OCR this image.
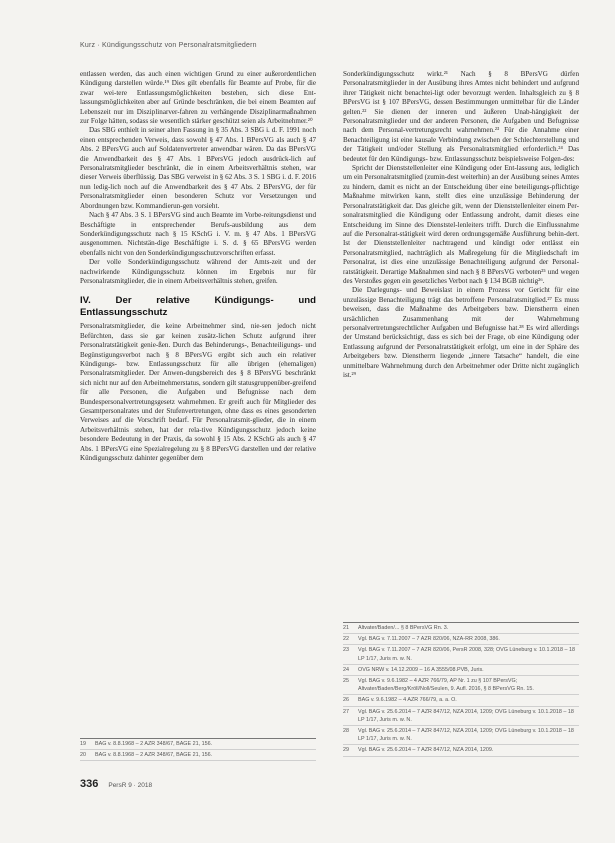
Kurz · Kündigungsschutz von Personalratsmitgliedern

entlassen werden, das auch einen wichtigen Grund zu einer außerordentlichen Kündigung darstellen würde.¹⁹ Dies gilt ebenfalls für Beamte auf Probe, für die zwar wei-tere Entlassungsmöglichkeiten bestehen, sich diese Ent-lassungsmöglichkeiten aber auf Gründe beschränken, die bei einem Beamten auf Lebenszeit nur im Disziplinarver-fahren zu verhängende Disziplinarmaßnahmen zur Folge hätten, sodass sie wesentlich stärker geschützt seien als Arbeitnehmer.²⁰

Das SBG enthielt in seiner alten Fassung in § 35 Abs. 3 SBG i. d. F. 1991 noch einen entsprechenden Verweis, dass sowohl § 47 Abs. 1 BPersVG als auch § 47 Abs. 2 BPersVG auch auf Soldatenvertreter anwendbar wären. Da das BPersVG die Anwendbarkeit des § 47 Abs. 1 BPersVG jedoch ausdrück-lich auf Personalratsmitglieder beschränkt, die in einem Arbeitsverhältnis stehen, war dieser Verweis überflüssig. Das SBG verweist in § 62 Abs. 3 S. 1 SBG i. d. F. 2016 nun ledig-lich noch auf die Anwendbarkeit des § 47 Abs. 2 BPersVG, der für Personalratsmitglieder einen besonderen Schutz vor Versetzungen und Abordnungen bzw. Kommandierun-gen vorsieht.

Nach § 47 Abs. 3 S. 1 BPersVG sind auch Beamte im Vorbe-reitungsdienst und Beschäftigte in entsprechender Berufs-ausbildung aus dem Sonderkündigungsschutz nach § 15 KSchG i. V. m. § 47 Abs. 1 BPersVG ausgenommen. Nichtstän-dige Beschäftigte i. S. d. § 65 BPersVG werden ebenfalls nicht von den Sonderkündigungsschutzvorschriften erfasst.

Der volle Sonderkündigungsschutz während der Amts-zeit und der nachwirkende Kündigungsschutz können im Ergebnis nur für Personalratsmitglieder, die in einem Arbeitsverhältnis stehen, greifen.

IV. Der relative Kündigungs- und Entlassungsschutz

Personalratsmitglieder, die keine Arbeitnehmer sind, nie-sen jedoch nicht Befürchten, dass sie gar keinen zusätz-lichen Schutz aufgrund ihrer Personalratstätigkeit genie-ßen. Durch das Behinderungs-, Benachteiligungs- und Begünstigungsverbot nach § 8 BPersVG ergibt sich auch ein relativer Kündigungs- bzw. Entlassungsschutz für alle übrigen (ehemaligen) Personalratsmitglieder. Der Anwen-dungsbereich des § 8 BPersVG beschränkt sich nicht nur auf den Arbeitnehmerstatus, sondern gilt statusgruppenüber-greifend für alle Personen, die Aufgaben und Befugnisse nach dem Bundespersonalvertretungsgesetz wahrnehmen. Er greift auch für Mitglieder des Gesamtpersonalrates und der Stufenvertretungen, ohne dass es eines gesonderten Verweises auf die Vorschrift bedarf. Für Personalratsmit-glieder, die in einem Arbeitsverhältnis stehen, hat der rela-tive Kündigungsschutz jedoch keine besondere Bedeutung in der Praxis, da sowohl § 15 Abs. 2 KSchG als auch § 47 Abs. 1 BPersVG eine Spezialregelung zu § 8 BPersVG darstellen und der relative Kündigungsschutz dahinter gegenüber dem

19	BAG v. 8.8.1968 – 2 AZR 348/67, BAGE 21, 156.
20	BAG v. 8.8.1968 – 2 AZR 348/67, BAGE 21, 156.

Sonderkündigungsschutz wirkt.²¹ Nach § 8 BPersVG dürfen Personalratsmitglieder in der Ausübung ihres Amtes nicht behindert und aufgrund ihrer Tätigkeit nicht benachtei-ligt oder bevorzugt werden. Inhaltsgleich zu § 8 BPersVG ist § 107 BPersVG, dessen Bestimmungen unmittelbar für die Länder gelten.²² Sie dienen der inneren und äußeren Unab-hängigkeit der Personalratsmitglieder und der anderen Personen, die Aufgaben und Befugnisse nach dem Personal-vertretungsrecht wahrnehmen.²³ Für die Annahme einer Benachteiligung ist eine kausale Verbindung zwischen der Schlechterstellung und der Tätigkeit und/oder Stellung als Personalratsmitglied erforderlich.²⁴ Das bedeutet für den Kündigungs- bzw. Entlassungsschutz beispielsweise Folgen-des:

Spricht der Dienststellenleiter eine Kündigung oder Ent-lassung aus, lediglich um ein Personalratsmitglied (zumin-dest weiterhin) an der Ausübung seines Amtes zu hindern, damit es nicht an der Entscheidung über eine beteiligungs-pflichtige Maßnahme mitwirken kann, stellt dies eine unzulässige Behinderung der Personalratstätigkeit dar. Das gleiche gilt, wenn der Dienststellenleiter einem Per-sonalratsmitglied die Kündigung oder Entlassung androht, damit dieses eine Entscheidung im Sinne des Dienststel-lenleiters trifft. Durch die Einflussnahme auf die Personalrat-stätigkeit wird deren ordnungsgemäße Ausführung behin-dert. Ist der Dienststellenleiter nachtragend und kündigt oder entlässt ein Personalratsmitglied, nachträglich als Maßregelung für die Mitgliedschaft im Personalrat, ist dies eine unzulässige Benachteiligung aufgrund der Personal-ratstätigkeit. Derartige Maßnahmen sind nach § 8 BPersVG verboten²⁵ und wegen des Verstoßes gegen ein gesetzliches Verbot nach § 134 BGB nichtig²⁶.

Die Darlegungs- und Beweislast in einem Prozess vor Gericht für eine unzulässige Benachteiligung trägt das betroffene Personalratsmitglied.²⁷ Es muss beweisen, dass die Maßnahme des Arbeitgebers bzw. Dienstherrn einen ursächlichen Zusammenhang mit der Wahrnehmung personalvertretungsrechtlicher Aufgaben und Befugnisse hat.²⁸ Es wird allerdings der Umstand berücksichtigt, dass es sich bei der Frage, ob eine Kündigung oder Entlassung aufgrund der Personalratstätigkeit erfolgt, um eine in der Sphäre des Arbeitgebers bzw. Dienstherrn liegende „innere Tatsache“ handelt, die eine unmittelbare Wahrnehmung durch den Arbeitnehmer oder Dritte nicht zugänglich ist.²⁹

21	Altvater/Baden/... § 8 BPersVG Rn. 3.
22	Vgl. BAG v. 7.11.2007 – 7 AZR 820/06, NZA-RR 2008, 386.
23	Vgl. BAG v. 7.11.2007 – 7 AZR 820/06, PersR 2008, 328; OVG Lüneburg v. 10.1.2018 – 18 LP 1/17, Juris m. w. N.
24	OVG NRW v. 14.12.2009 – 16 A 3555/08.PVB, Juris.
25	Vgl. BAG v. 9.6.1982 – 4 AZR 766/79, AP Nr. 1 zu § 107 BPersVG; Altvater/Baden/Berg/Kröll/Noll/Seulen, 9. Aufl. 2016, § 8 BPersVG Rn. 15.
26	BAG v. 9.6.1982 – 4 AZR 766/79, a. a. O.
27	Vgl. BAG v. 25.6.2014 – 7 AZR 847/12, NZA 2014, 1209; OVG Lüneburg v. 10.1.2018 – 18 LP 1/17, Juris m. w. N.
28	Vgl. BAG v. 25.6.2014 – 7 AZR 847/12, NZA 2014, 1209; OVG Lüneburg v. 10.1.2018 – 18 LP 1/17, Juris m. w. N.
29	Vgl. BAG v. 25.6.2014 – 7 AZR 847/12, NZA 2014, 1209.
336 PersR 9 · 2018
